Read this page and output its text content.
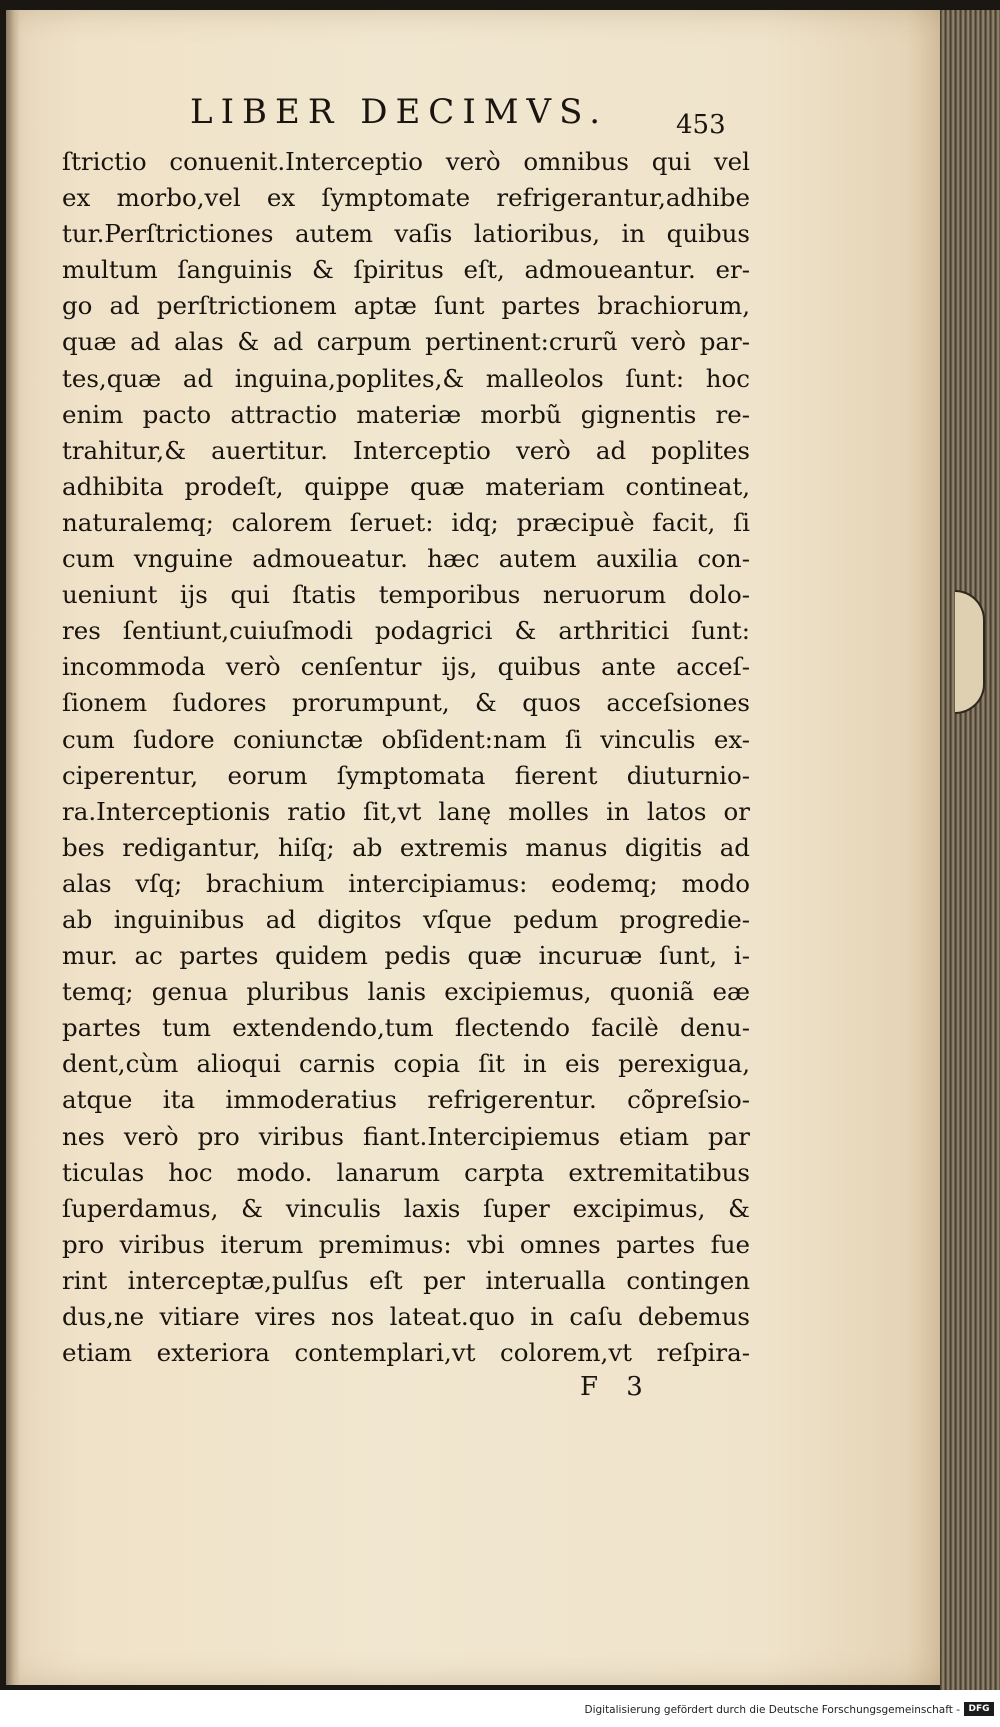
LIBER DECIMVS.	453
ſtrictio conuenit.Interceptio verò omnibus qui vel
ex morbo,vel ex ſymptomate refrigerantur,adhibe
tur.Perſtrictiones autem vaſis latioribus, in quibus
multum ſanguinis & ſpiritus eſt, admoueantur. er-
go ad perſtrictionem aptæ ſunt partes brachiorum,
quæ ad alas & ad carpum pertinent:crurũ verò par-
tes,quæ ad inguina,poplites,& malleolos ſunt: hoc
enim pacto attractio materiæ morbũ gignentis re-
trahitur,& auertitur. Interceptio verò ad poplites
adhibita prodeſt, quippe quæ materiam contineat,
naturalemq; calorem ſeruet: idq; præcipuè facit, ſi
cum vnguine admoueatur. hæc autem auxilia con-
ueniunt ijs qui ſtatis temporibus neruorum dolo-
res ſentiunt,cuiuſmodi podagrici & arthritici ſunt:
incommoda verò cenſentur ijs, quibus ante acceſ-
ſionem ſudores prorumpunt, & quos acceſsiones
cum ſudore coniunctæ obſident:nam ſi vinculis ex-
ciperentur, eorum ſymptomata fierent diuturnio-
ra.Interceptionis ratio ſit,vt lanę molles in latos or
bes redigantur, hiſq; ab extremis manus digitis ad
alas vſq; brachium intercipiamus: eodemq; modo
ab inguinibus ad digitos vſque pedum progredie-
mur. ac partes quidem pedis quæ incuruæ ſunt, i-
temq; genua pluribus lanis excipiemus, quoniã eæ
partes tum extendendo,tum flectendo facilè denu-
dent,cùm alioqui carnis copia ſit in eis perexigua,
atque ita immoderatius refrigerentur. cõpreſsio-
nes verò pro viribus fiant.Intercipiemus etiam par
ticulas hoc modo. lanarum carpta extremitatibus
ſuperdamus, & vinculis laxis ſuper excipimus, &
pro viribus iterum premimus: vbi omnes partes fue
rint interceptæ,pulſus eſt per interualla contingen
dus,ne vitiare vires nos lateat.quo in caſu debemus
etiam exteriora contemplari,vt colorem,vt reſpira-
F 3
Digitalisierung gefördert durch die Deutsche Forschungsgemeinschaft - DFG
